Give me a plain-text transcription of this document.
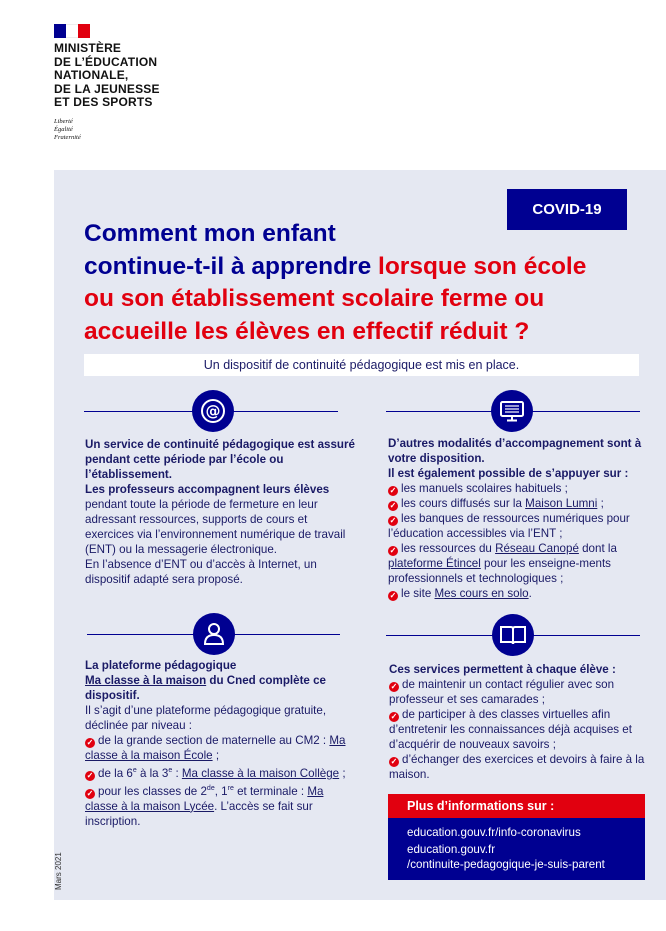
MINISTÈRE
DE L’ÉDUCATION
NATIONALE,
DE LA JEUNESSE
ET DES SPORTS
Liberté
Égalité
Fraternité
COVID-19
Comment mon enfant
continue-t-il à apprendre lorsque son école
ou son établissement scolaire ferme ou
accueille les élèves en effectif réduit ?
Un dispositif de continuité pédagogique est mis en place.
@
Un service de continuité pédagogique est assuré pendant cette période par l’école ou l’établissement.
Les professeurs accompagnent leurs élèves
pendant toute la période de fermeture en leur adressant ressources, supports de cours et exercices via l’environnement numérique de travail (ENT) ou la messagerie électronique.
En l’absence d’ENT ou d’accès à Internet, un dispositif adapté sera proposé.
D’autres modalités d’accompagnement sont à votre disposition.
Il est également possible de s’appuyer sur :
✓ les manuels scolaires habituels ;
✓ les cours diffusés sur la Maison Lumni ;
✓ les banques de ressources numériques pour l’éducation accessibles via l’ENT ;
✓ les ressources du Réseau Canopé dont la plateforme Étincel pour les enseigne-ments professionnels et technologiques ;
✓ le site Mes cours en solo.
La plateforme pédagogique
Ma classe à la maison du Cned complète ce dispositif.
Il s’agit d’une plateforme pédagogique gratuite, déclinée par niveau :
✓ de la grande section de maternelle au CM2 : Ma classe à la maison École ;
✓ de la 6e à la 3e : Ma classe à la maison Collège ;
✓ pour les classes de 2de, 1re et terminale : Ma classe à la maison Lycée. L’accès se fait sur inscription.
Ces services permettent à chaque élève :
✓ de maintenir un contact régulier avec son professeur et ses camarades ;
✓ de participer à des classes virtuelles afin d’entretenir les connaissances déjà acquises et d’acquérir de nouveaux savoirs ;
✓ d’échanger des exercices et devoirs à faire à la maison.
Plus d’informations sur :
education.gouv.fr/info-coronavirus
education.gouv.fr
/continuite-pedagogique-je-suis-parent
Mars 2021
